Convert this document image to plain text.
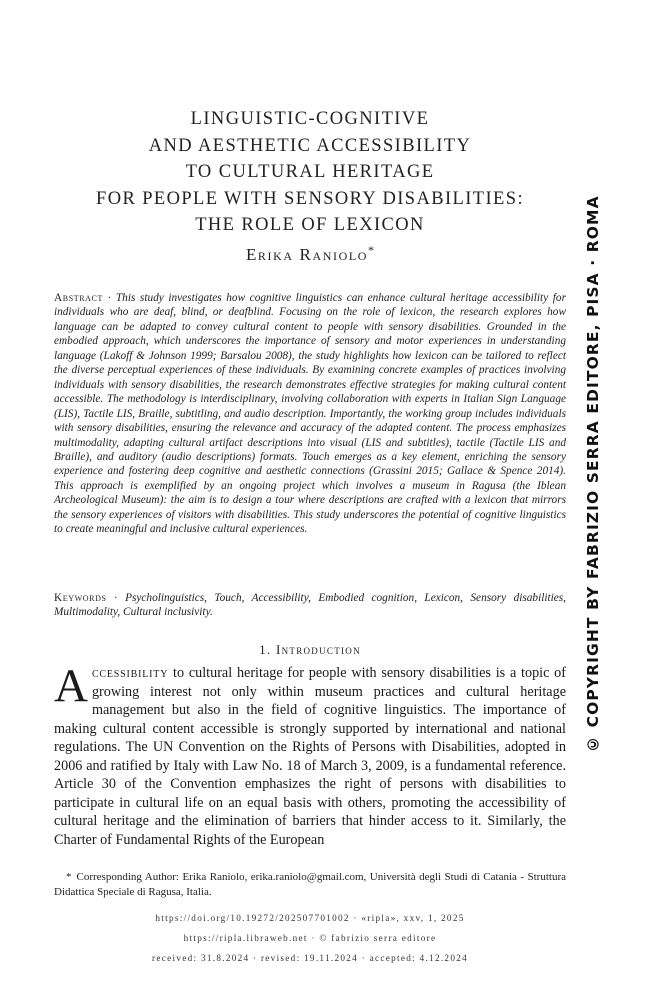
LINGUISTIC-COGNITIVE
AND AESTHETIC ACCESSIBILITY
TO CULTURAL HERITAGE
FOR PEOPLE WITH SENSORY DISABILITIES:
THE ROLE OF LEXICON
Erika Raniolo*
Abstract · This study investigates how cognitive linguistics can enhance cultural heritage accessibility for individuals who are deaf, blind, or deafblind. Focusing on the role of lexicon, the research explores how language can be adapted to convey cultural content to people with sensory disabilities. Grounded in the embodied approach, which underscores the importance of sensory and motor experiences in understanding language (Lakoff & Johnson 1999; Barsalou 2008), the study highlights how lexicon can be tailored to reflect the diverse perceptual experiences of these individuals. By examining concrete examples of practices involving individuals with sensory disabilities, the research demonstrates effective strategies for making cultural content accessible. The methodology is interdisciplinary, involving collaboration with experts in Italian Sign Language (LIS), Tactile LIS, Braille, subtitling, and audio description. Importantly, the working group includes individuals with sensory disabilities, ensuring the relevance and accuracy of the adapted content. The process emphasizes multimodality, adapting cultural artifact descriptions into visual (LIS and subtitles), tactile (Tactile LIS and Braille), and auditory (audio descriptions) formats. Touch emerges as a key element, enriching the sensory experience and fostering deep cognitive and aesthetic connections (Grassini 2015; Gallace & Spence 2014). This approach is exemplified by an ongoing project which involves a museum in Ragusa (the Iblean Archeological Museum): the aim is to design a tour where descriptions are crafted with a lexicon that mirrors the sensory experiences of visitors with disabilities. This study underscores the potential of cognitive linguistics to create meaningful and inclusive cultural experiences.
Keywords · Psycholinguistics, Touch, Accessibility, Embodied cognition, Lexicon, Sensory disabilities, Multimodality, Cultural inclusivity.
1. Introduction
Accessibility to cultural heritage for people with sensory disabilities is a topic of growing interest not only within museum practices and cultural heritage management but also in the field of cognitive linguistics. The importance of making cultural content accessible is strongly supported by international and national regulations. The UN Convention on the Rights of Persons with Disabilities, adopted in 2006 and ratified by Italy with Law No. 18 of March 3, 2009, is a fundamental reference. Article 30 of the Convention emphasizes the right of persons with disabilities to participate in cultural life on an equal basis with others, promoting the accessibility of cultural heritage and the elimination of barriers that hinder access to it. Similarly, the Charter of Fundamental Rights of the European
* Corresponding Author: Erika Raniolo, erika.raniolo@gmail.com, Università degli Studi di Catania - Struttura Didattica Speciale di Ragusa, Italia.
https://doi.org/10.19272/202507701002 · «ripla», xxv, 1, 2025
https://ripla.libraweb.net · © fabrizio serra editore
received: 31.8.2024 · revised: 19.11.2024 · accepted: 4.12.2024
© COPYRIGHT BY FABRIZIO SERRA EDITORE, PISA · ROMA
